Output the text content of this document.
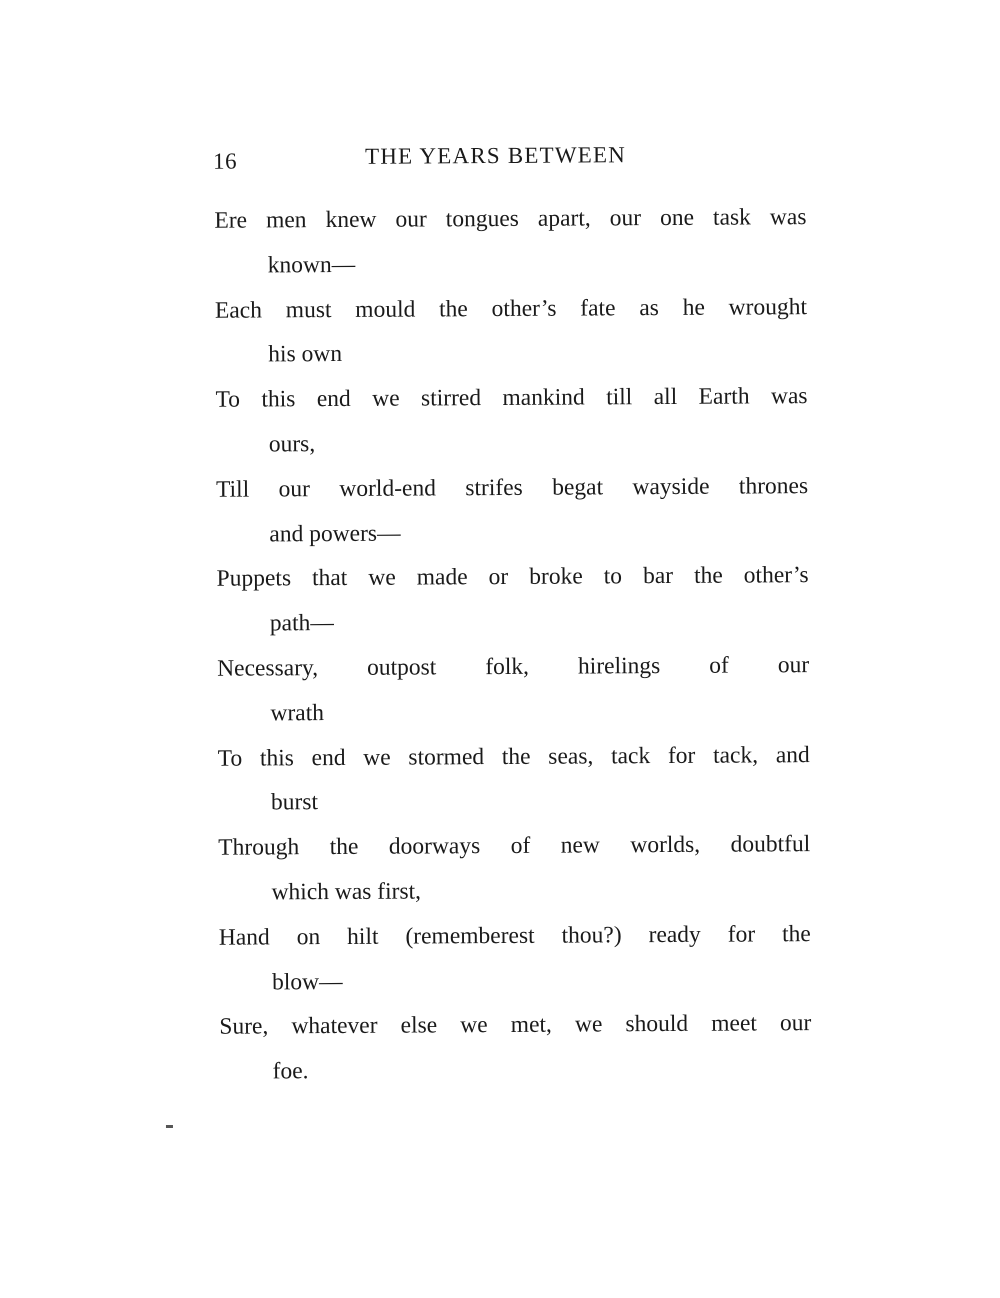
16	THE YEARS BETWEEN
Ere men knew our tongues apart, our one task was
known—
Each must mould the other’s fate as he wrought
his own
To this end we stirred mankind till all Earth was
ours,
Till our world-end strifes begat wayside thrones
and powers—
Puppets that we made or broke to bar the other’s
path—
Necessary, outpost folk, hirelings of our
wrath
To this end we stormed the seas, tack for tack, and
burst
Through the doorways of new worlds, doubtful
which was first,
Hand on hilt (rememberest thou?) ready for the
blow—
Sure, whatever else we met, we should meet our
foe.
